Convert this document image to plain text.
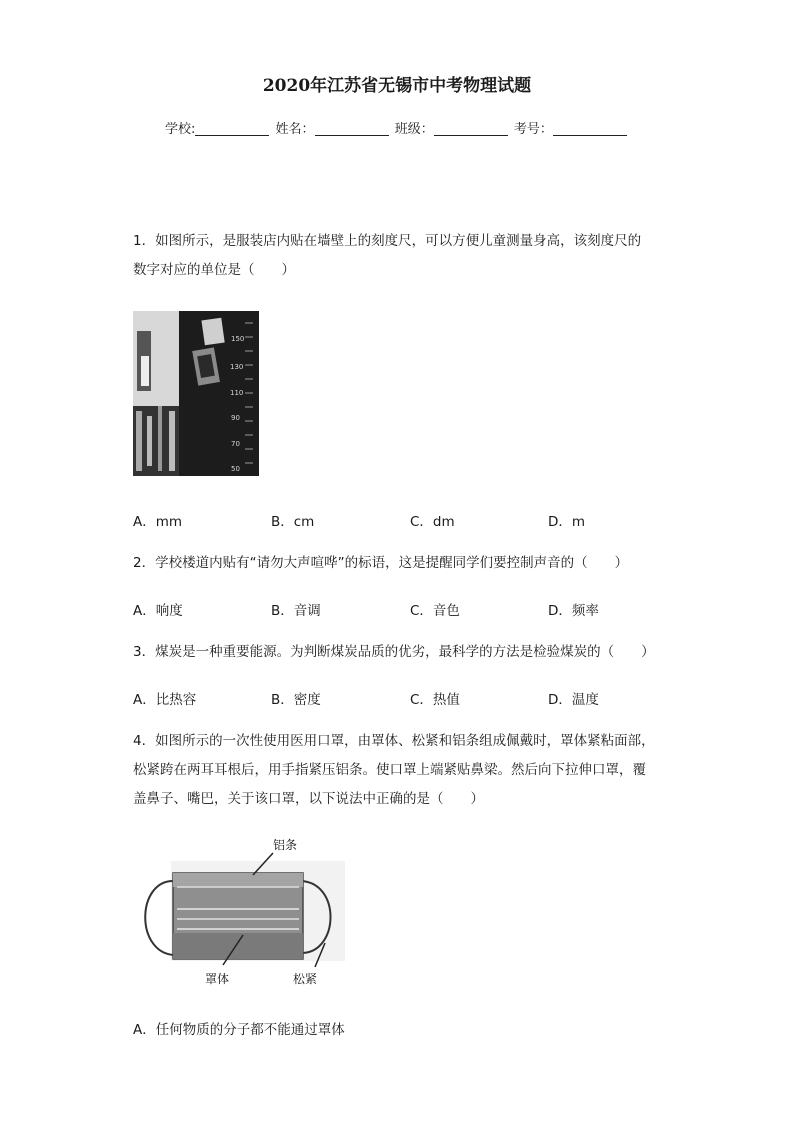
2020年江苏省无锡市中考物理试题
学校:	姓名：	班级：	考号：
1．如图所示，是服装店内贴在墙壁上的刻度尺，可以方便儿童测量身高，该刻度尺的
数字对应的单位是（　　）
150
130
110
90
70
50
A．mm	B．cm	C．dm	D．m
2．学校楼道内贴有“请勿大声喧哗”的标语，这是提醒同学们要控制声音的（　　）
A．响度	B．音调	C．音色	D．频率
3．煤炭是一种重要能源。为判断煤炭品质的优劣，最科学的方法是检验煤炭的（　　）
A．比热容	B．密度	C．热值	D．温度
4．如图所示的一次性使用医用口罩，由罩体、松紧和铝条组成佩戴时，罩体紧粘面部，
松紧跨在两耳耳根后，用手指紧压铝条。使口罩上端紧贴鼻梁。然后向下拉伸口罩，覆
盖鼻子、嘴巴，关于该口罩，以下说法中正确的是（　　）
铝条
罩体	松紧
A．任何物质的分子都不能通过罩体
